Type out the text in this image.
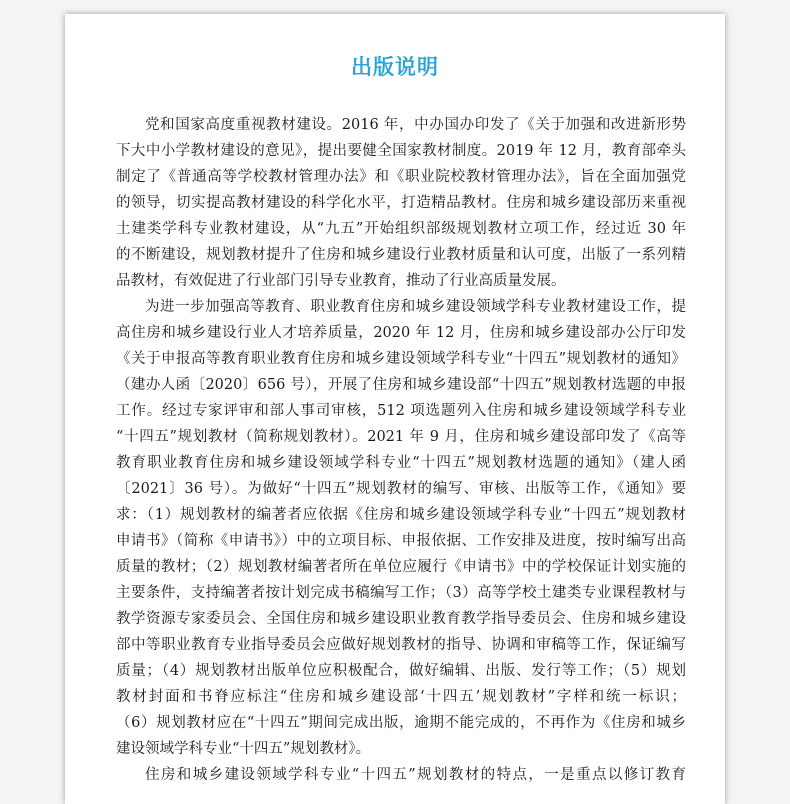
出版说明
党和国家高度重视教材建设。2016 年，中办国办印发了《关于加强和改进新形势
下大中小学教材建设的意见》，提出要健全国家教材制度。2019 年 12 月，教育部牵头
制定了《普通高等学校教材管理办法》和《职业院校教材管理办法》，旨在全面加强党
的领导，切实提高教材建设的科学化水平，打造精品教材。住房和城乡建设部历来重视
土建类学科专业教材建设，从“九五”开始组织部级规划教材立项工作，经过近 30 年
的不断建设，规划教材提升了住房和城乡建设行业教材质量和认可度，出版了一系列精
品教材，有效促进了行业部门引导专业教育，推动了行业高质量发展。
为进一步加强高等教育、职业教育住房和城乡建设领域学科专业教材建设工作，提
高住房和城乡建设行业人才培养质量，2020 年 12 月，住房和城乡建设部办公厅印发
《关于申报高等教育职业教育住房和城乡建设领域学科专业“十四五”规划教材的通知》
（建办人函〔2020〕656 号），开展了住房和城乡建设部“十四五”规划教材选题的申报
工作。经过专家评审和部人事司审核，512 项选题列入住房和城乡建设领域学科专业
“十四五”规划教材（简称规划教材）。2021 年 9 月，住房和城乡建设部印发了《高等
教育职业教育住房和城乡建设领域学科专业“十四五”规划教材选题的通知》（建人函
〔2021〕36 号）。为做好“十四五”规划教材的编写、审核、出版等工作，《通知》要
求：（1）规划教材的编著者应依据《住房和城乡建设领域学科专业“十四五”规划教材
申请书》（简称《申请书》）中的立项目标、申报依据、工作安排及进度，按时编写出高
质量的教材；（2）规划教材编著者所在单位应履行《申请书》中的学校保证计划实施的
主要条件，支持编著者按计划完成书稿编写工作；（3）高等学校土建类专业课程教材与
教学资源专家委员会、全国住房和城乡建设职业教育教学指导委员会、住房和城乡建设
部中等职业教育专业指导委员会应做好规划教材的指导、协调和审稿等工作，保证编写
质量；（4）规划教材出版单位应积极配合，做好编辑、出版、发行等工作；（5）规划
教材封面和书脊应标注“住房和城乡建设部‘十四五’规划教材”字样和统一标识；
（6）规划教材应在“十四五”期间完成出版，逾期不能完成的，不再作为《住房和城乡
建设领域学科专业“十四五”规划教材》。
住房和城乡建设领域学科专业“十四五”规划教材的特点，一是重点以修订教育
